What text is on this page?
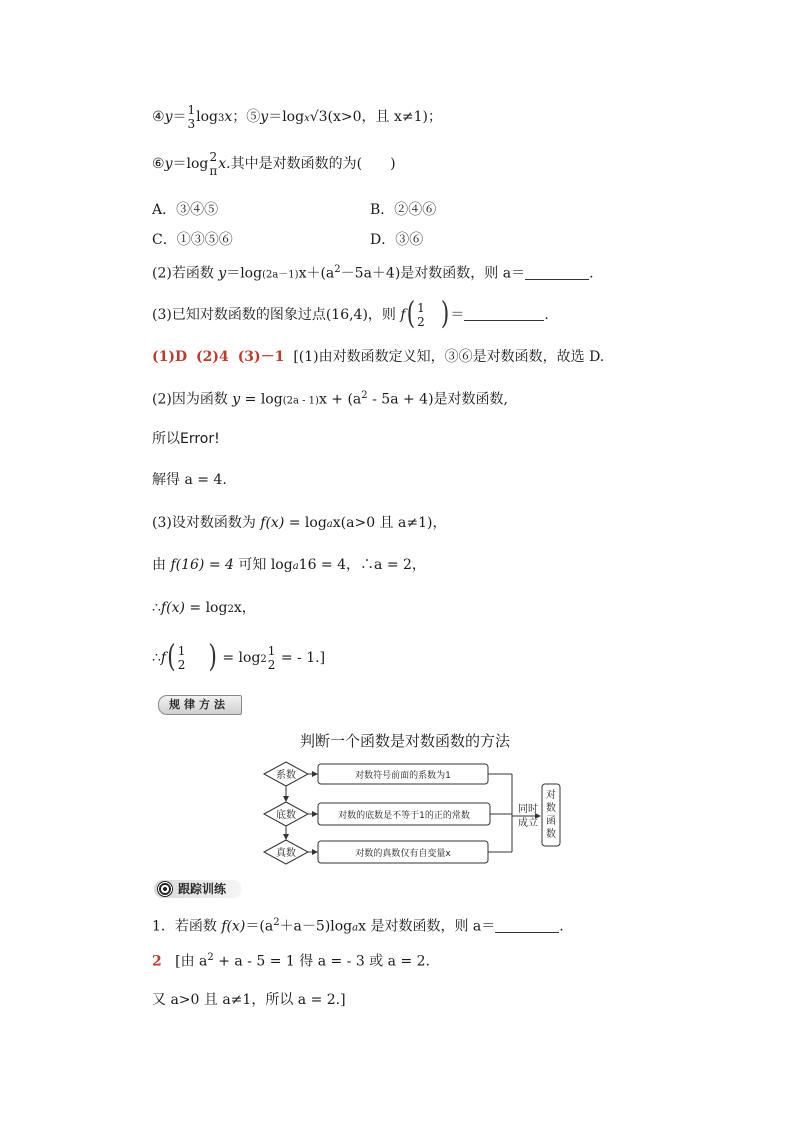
④y＝ 1
3 log3x；⑤y＝logx√3(x>0，且 x≠1)；
⑥y＝log 2
π x.其中是对数函数的为(　　)
A．③④⑤	B．②④⑥
C．①③⑤⑥	D．③⑥
(2)若函数 $y=\log(2a-1)x+(a^2-5a+4)$是对数函数，则 a＝	.
(3)已知对数函数的图象过点(16,4)，则 f( 1
2 )＝	.
(1)D (2)4 (3)－1 [(1)由对数函数定义知，③⑥是对数函数，故选 D.
(2)因为函数 $y = \log(2a - 1)x + (a^2 - 5a + 4)$是对数函数,
所以Error!
解得 a = 4.
(3)设对数函数为 f(x) = logax(a>0 且 a≠1)，
由 f(16) = 4 可知 loga16 = 4，∴a = 2，
∴f(x) = log2x，
∴f( 1
2 ) = log2
1
2 = - 1.]
规律方法
判断一个函数是对数函数的方法
系数
底数
真数
对数符号前面的系数为1
对数的底数是不等于1的正的常数
对数的真数仅有自变量x
同时
成立
对数函数
跟踪训练
1．若函数 $f(x)=(a^2+a-5)logax$ 是对数函数，则 a＝	.
2 [由 $a^2 + a - 5 = 1$ 得 a = - 3 或 a = 2.
又 a>0 且 a≠1，所以 a = 2.]
